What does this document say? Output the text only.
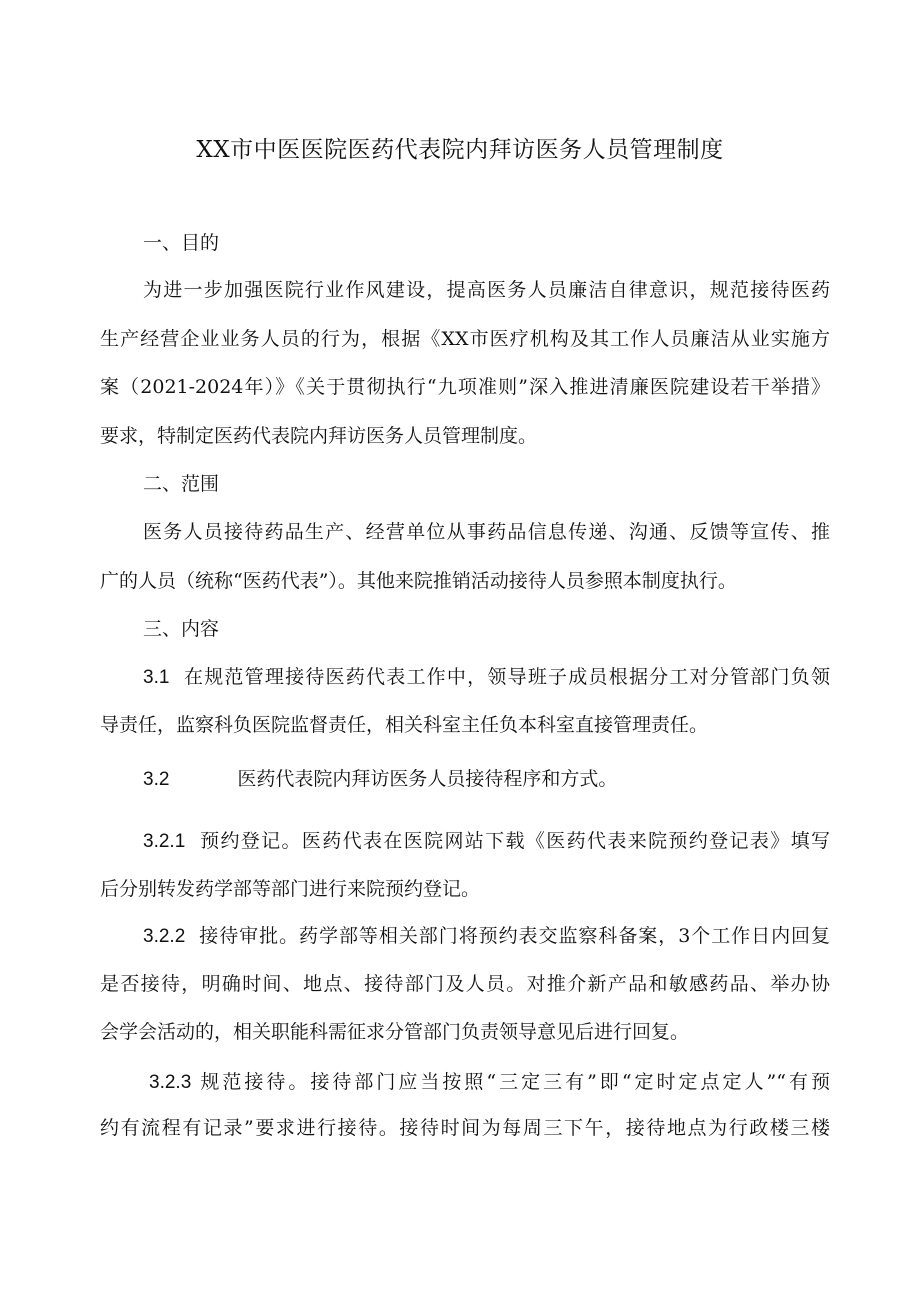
XX市中医医院医药代表院内拜访医务人员管理制度
一、目的
为进一步加强医院行业作风建设，提高医务人员廉洁自律意识，规范接待医药
生产经营企业业务人员的行为，根据《XX市医疗机构及其工作人员廉洁从业实施方
案（2021-2024年）》《关于贯彻执行“九项准则”深入推进清廉医院建设若干举措》
要求，特制定医药代表院内拜访医务人员管理制度。
二、范围
医务人员接待药品生产、经营单位从事药品信息传递、沟通、反馈等宣传、推
广的人员（统称“医药代表”）。其他来院推销活动接待人员参照本制度执行。
三、内容
3.1 在规范管理接待医药代表工作中，领导班子成员根据分工对分管部门负领
导责任，监察科负医院监督责任，相关科室主任负本科室直接管理责任。
3.2	医药代表院内拜访医务人员接待程序和方式。
3.2.1 预约登记。医药代表在医院网站下载《医药代表来院预约登记表》填写
后分别转发药学部等部门进行来院预约登记。
3.2.2 接待审批。药学部等相关部门将预约表交监察科备案，3个工作日内回复
是否接待，明确时间、地点、接待部门及人员。对推介新产品和敏感药品、举办协
会学会活动的，相关职能科需征求分管部门负责领导意见后进行回复。
3.2.3 规范接待。接待部门应当按照“三定三有”即“定时定点定人”“有预
约有流程有记录”要求进行接待。接待时间为每周三下午，接待地点为行政楼三楼
